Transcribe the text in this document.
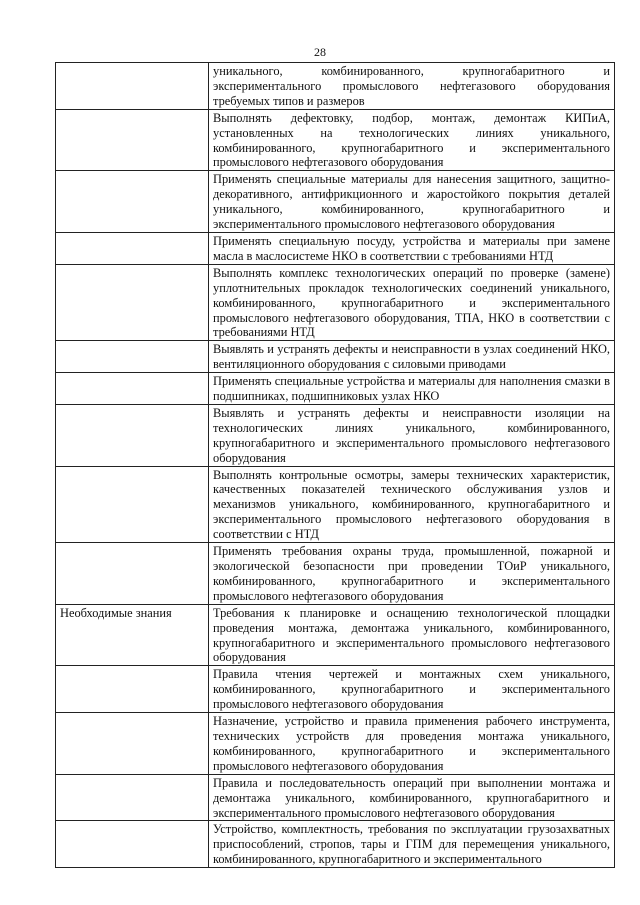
28

	уникального, комбинированного, крупногабаритного и экспериментального промыслового нефтегазового оборудования требуемых типов и размеров

	Выполнять дефектовку, подбор, монтаж, демонтаж КИПиА, установленных на технологических линиях уникального, комбинированного, крупногабаритного и экспериментального промыслового нефтегазового оборудования

	Применять специальные материалы для нанесения защитного, защитно-декоративного, антифрикционного и жаростойкого покрытия деталей уникального, комбинированного, крупногабаритного и экспериментального промыслового нефтегазового оборудования

	Применять специальную посуду, устройства и материалы при замене масла в маслосистеме НКО в соответствии с требованиями НТД

	Выполнять комплекс технологических операций по проверке (замене) уплотнительных прокладок технологических соединений уникального, комбинированного, крупногабаритного и экспериментального промыслового нефтегазового оборудования, ТПА, НКО в соответствии с требованиями НТД

	Выявлять и устранять дефекты и неисправности в узлах соединений НКО, вентиляционного оборудования с силовыми приводами

	Применять специальные устройства и материалы для наполнения смазки в подшипниках, подшипниковых узлах НКО

	Выявлять и устранять дефекты и неисправности изоляции на технологических линиях уникального, комбинированного, крупногабаритного и экспериментального промыслового нефтегазового оборудования

	Выполнять контрольные осмотры, замеры технических характеристик, качественных показателей технического обслуживания узлов и механизмов уникального, комбинированного, крупногабаритного и экспериментального промыслового нефтегазового оборудования в соответствии с НТД

	Применять требования охраны труда, промышленной, пожарной и экологической безопасности при проведении ТОиР уникального, комбинированного, крупногабаритного и экспериментального промыслового нефтегазового оборудования

Необходимые знания	Требования к планировке и оснащению технологической площадки проведения монтажа, демонтажа уникального, комбинированного, крупногабаритного и экспериментального промыслового нефтегазового оборудования

	Правила чтения чертежей и монтажных схем уникального, комбинированного, крупногабаритного и экспериментального промыслового нефтегазового оборудования

	Назначение, устройство и правила применения рабочего инструмента, технических устройств для проведения монтажа уникального, комбинированного, крупногабаритного и экспериментального промыслового нефтегазового оборудования

	Правила и последовательность операций при выполнении монтажа и демонтажа уникального, комбинированного, крупногабаритного и экспериментального промыслового нефтегазового оборудования

	Устройство, комплектность, требования по эксплуатации грузозахватных приспособлений, стропов, тары и ГПМ для перемещения уникального, комбинированного, крупногабаритного и экспериментального
